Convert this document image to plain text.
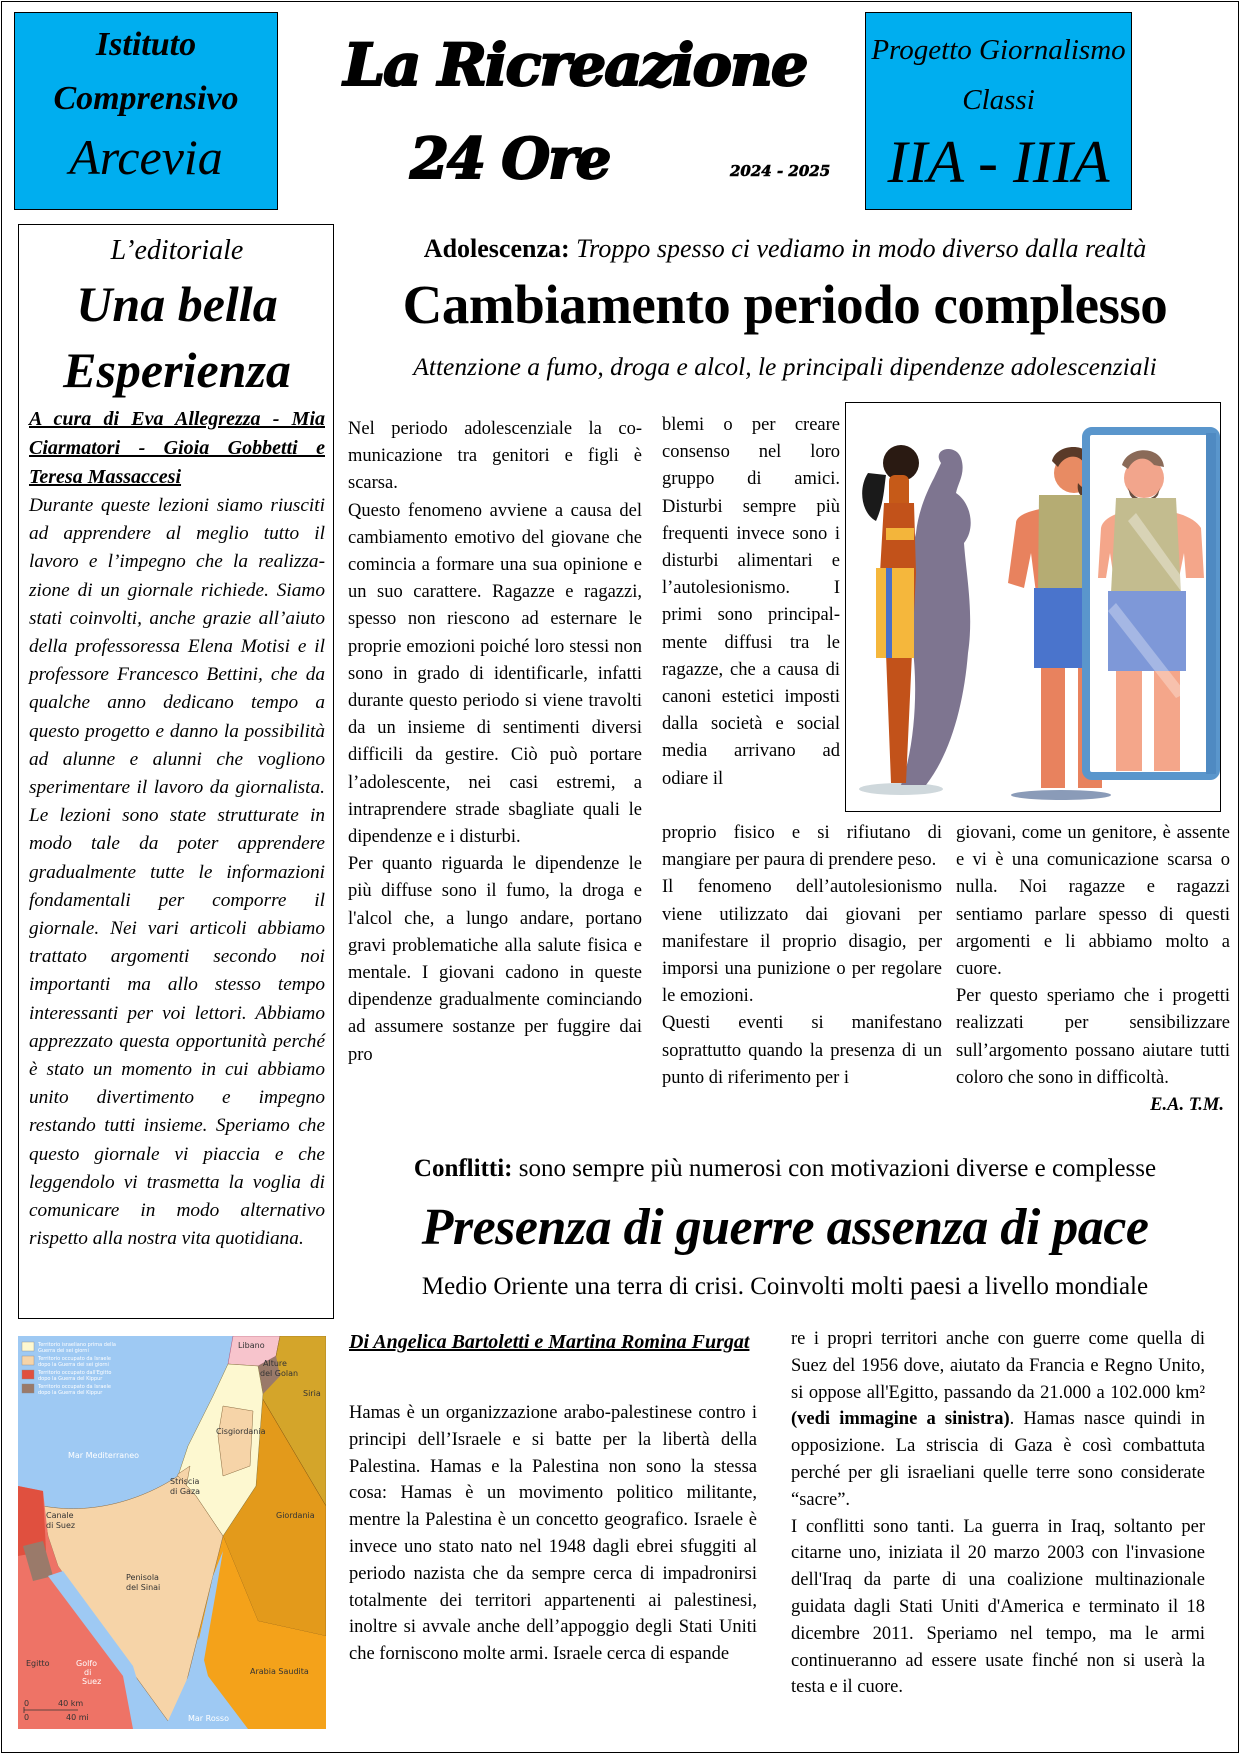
Istituto
Comprensivo
Arcevia
La Ricreazione
24 Ore	2024 - 2025
Progetto Giornalismo
Classi
IIA - IIIA
L’editoriale
Una bella
Esperienza
A cura di Eva Allegrezza - Mia Ciarmatori - Gioia Gobbetti e Teresa Massaccesi
Durante queste lezioni siamo riusciti ad apprendere al meglio tutto il lavoro e l’impegno che la realizzazione di un giornale richiede. Siamo stati coinvolti, anche grazie all’aiuto della professoressa Elena Motisi e il professore Francesco Bettini, che da qualche anno dedicano tempo a questo progetto e danno la possibilità ad alunne e alunni che vogliono sperimentare il lavoro da giornalista. Le lezioni sono state strutturate in modo tale da poter apprendere gradualmente tutte le informazioni fondamentali per comporre il giornale. Nei vari articoli abbiamo trattato argomenti secondo noi importanti ma allo stesso tempo interessanti per voi lettori. Abbiamo apprezzato questa opportunità perché è stato un momento in cui abbiamo unito divertimento e impegno restando tutti insieme. Speriamo che questo giornale vi piaccia e che leggendolo vi trasmetta la voglia di comunicare in modo alternativo rispetto alla nostra vita quotidiana.
Adolescenza: Troppo spesso ci vediamo in modo diverso dalla realtà
Cambiamento periodo complesso
Attenzione a fumo, droga e alcol, le principali dipendenze adolescenziali

Nel periodo adolescenziale la comunicazione tra genitori e figli è scarsa.

Questo fenomeno avviene a causa del cambiamento emotivo del giovane che comincia a formare una sua opinione e un suo carattere. Ragazze e ragazzi, spesso non riescono ad esternare le proprie emozioni poiché loro stessi non sono in grado di identificarle, infatti durante questo periodo si viene travolti da un insieme di sentimenti diversi difficili da gestire. Ciò può portare l’adolescente, nei casi estremi, a intraprendere strade sbagliate quali le dipendenze e i disturbi.

Per quanto riguarda le dipendenze le più diffuse sono il fumo, la droga e l'alcol che, a lungo andare, portano gravi problematiche alla salute fisica e mentale. I giovani cadono in queste dipendenze gradualmente cominciando ad assumere sostanze per fuggire dai pro

blemi o per creare consenso nel loro gruppo di amici. Disturbi sempre più frequenti invece sono i disturbi alimentari e l’autolesionismo. I primi sono principalmente diffusi tra le ragazze, che a causa di canoni estetici imposti dalla società e social media arrivano ad odiare il

proprio fisico e si rifiutano di mangiare per paura di prendere peso.

Il fenomeno dell’autolesionismo viene utilizzato dai giovani per manifestare il proprio disagio, per imporsi una punizione o per regolare le emozioni.

Questi eventi si manifestano soprattutto quando la presenza di un punto di riferimento per i

giovani, come un genitore, è assente e vi è una comunicazione scarsa o nulla. Noi ragazze e ragazzi sentiamo parlare spesso di questi argomenti e li abbiamo molto a cuore.

Per questo speriamo che i progetti realizzati per sensibilizzare sull’argomento possano aiutare tutti coloro che sono in difficoltà.
E.A. T.M.

Conflitti: sono sempre più numerosi con motivazioni diverse e complesse
Presenza di guerre assenza di pace
Medio Oriente una terra di crisi. Coinvolti molti paesi a livello mondiale
Di Angelica Bartoletti e Martina Romina Furgat

Hamas è un organizzazione arabo-palestinese contro i principi dell’Israele e si batte per la libertà della Palestina. Hamas e la Palestina non sono la stessa cosa: Hamas è un movimento politico militante, mentre la Palestina è un concetto geografico. Israele è invece uno stato nato nel 1948 dagli ebrei sfuggiti al periodo nazista che da sempre cerca di impadronirsi totalmente dei territori appartenenti ai palestinesi, inoltre si avvale anche dell’appoggio degli Stati Uniti che forniscono molte armi. Israele cerca di espande

re i propri territori anche con guerre come quella di Suez del 1956 dove, aiutato da Francia e Regno Unito, si oppose all'Egitto, passando da 21.000 a 102.000 km² (vedi immagine a sinistra). Hamas nasce quindi in opposizione. La striscia di Gaza è così combattuta perché per gli israeliani quelle terre sono considerate “sacre”.

I conflitti sono tanti. La guerra in Iraq, soltanto per citarne uno, iniziata il 20 marzo 2003 con l'invasione dell'Iraq da parte di una coalizione multinazionale guidata dagli Stati Uniti d'America e terminato il 18 dicembre 2011. Speriamo nel tempo, ma le armi continueranno ad essere usate finché non si userà la testa e il cuore.

Territorio israeliano prima della
Guerra dei sei giorni
Territorio occupato da Israele
dopo la Guerra dei sei giorni
Territorio occupato dall'Egitto
dopo la Guerra del Kippur
Territorio occupato da Israele
dopo la Guerra del Kippur
Libano
Alture
del Golan
Siria
Cisgiordania
Mar Mediterraneo
Striscia
di Gaza
Canale
di Suez
Giordania
Penisola
del Sinai
Egitto	Golfo
di
Suez
Arabia Saudita
Mar Rosso
0	40 km
0	40 mi
